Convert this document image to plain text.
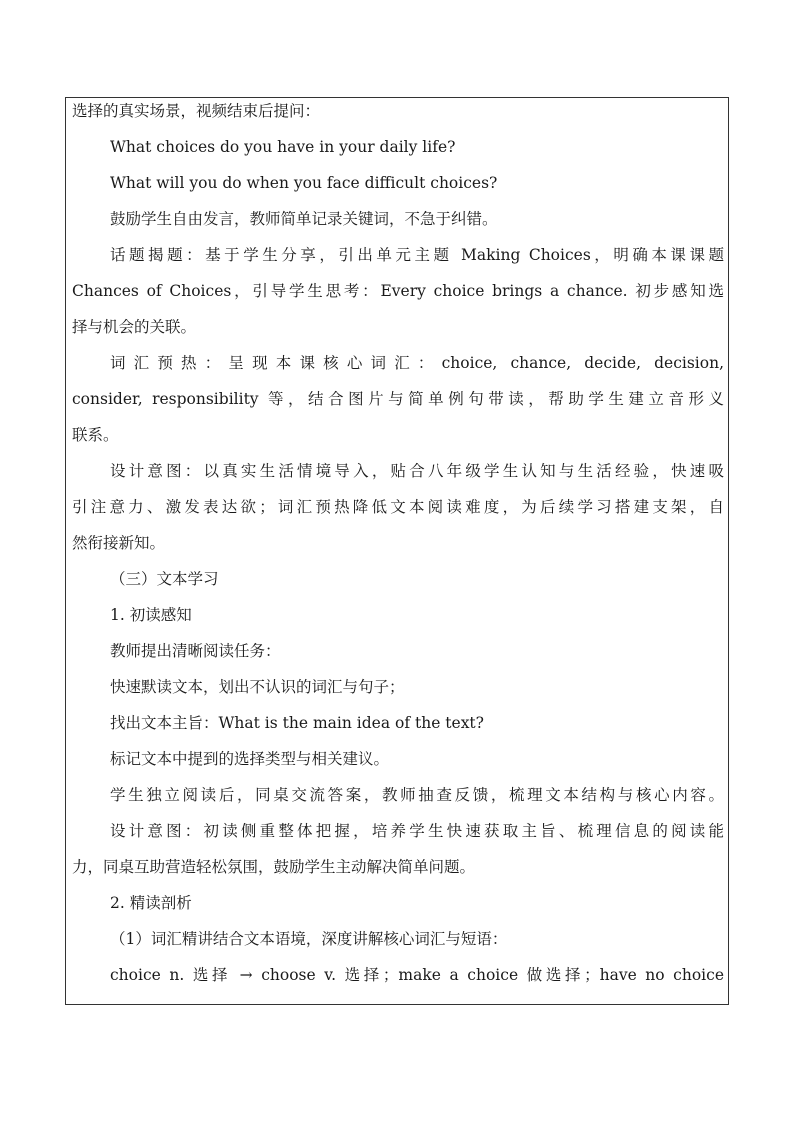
选择的真实场景，视频结束后提问：
What choices do you have in your daily life?
What will you do when you face difficult choices?
鼓励学生自由发言，教师简单记录关键词，不急于纠错。
话题揭题：基于学生分享，引出单元主题 Making Choices，明确本课课题
Chances of Choices，引导学生思考：Every choice brings a chance. 初步感知选
择与机会的关联。
词汇预热：呈现本课核心词汇：choice, chance, decide, decision,
consider, responsibility 等，结合图片与简单例句带读，帮助学生建立音形义
联系。
设计意图：以真实生活情境导入，贴合八年级学生认知与生活经验，快速吸
引注意力、激发表达欲；词汇预热降低文本阅读难度，为后续学习搭建支架，自
然衔接新知。
（三）文本学习
1. 初读感知
教师提出清晰阅读任务：
快速默读文本，划出不认识的词汇与句子；
找出文本主旨：What is the main idea of the text?
标记文本中提到的选择类型与相关建议。
学生独立阅读后，同桌交流答案，教师抽查反馈，梳理文本结构与核心内容。
设计意图：初读侧重整体把握，培养学生快速获取主旨、梳理信息的阅读能
力，同桌互助营造轻松氛围，鼓励学生主动解决简单问题。
2. 精读剖析
（1）词汇精讲结合文本语境，深度讲解核心词汇与短语：
choice n. 选择 → choose v. 选择；make a choice 做选择；have no choice
